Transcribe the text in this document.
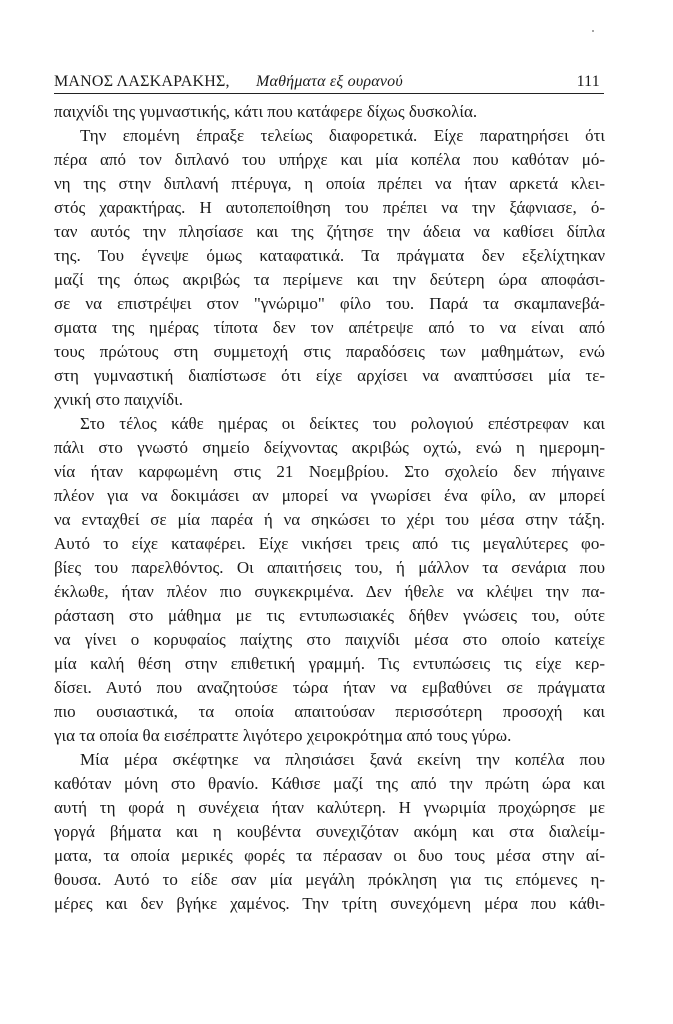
ΜΑΝΟΣ ΛΑΣΚΑΡΑΚΗΣ, Μαθήματα εξ ουρανού	111
παιχνίδι της γυμναστικής, κάτι που κατάφερε δίχως δυσκολία.
Την επομένη έπραξε τελείως διαφορετικά. Είχε παρατηρήσει ότι
πέρα από τον διπλανό του υπήρχε και μία κοπέλα που καθόταν μό-
νη της στην διπλανή πτέρυγα, η οποία πρέπει να ήταν αρκετά κλει-
στός χαρακτήρας. Η αυτοπεποίθηση του πρέπει να την ξάφνιασε, ό-
ταν αυτός την πλησίασε και της ζήτησε την άδεια να καθίσει δίπλα
της. Του έγνεψε όμως καταφατικά. Τα πράγματα δεν εξελίχτηκαν
μαζί της όπως ακριβώς τα περίμενε και την δεύτερη ώρα αποφάσι-
σε να επιστρέψει στον "γνώριμο" φίλο του. Παρά τα σκαμπανεβά-
σματα της ημέρας τίποτα δεν τον απέτρεψε από το να είναι από
τους πρώτους στη συμμετοχή στις παραδόσεις των μαθημάτων, ενώ
στη γυμναστική διαπίστωσε ότι είχε αρχίσει να αναπτύσσει μία τε-
χνική στο παιχνίδι.
Στο τέλος κάθε ημέρας οι δείκτες του ρολογιού επέστρεφαν και
πάλι στο γνωστό σημείο δείχνοντας ακριβώς οχτώ, ενώ η ημερομη-
νία ήταν καρφωμένη στις 21 Νοεμβρίου. Στο σχολείο δεν πήγαινε
πλέον για να δοκιμάσει αν μπορεί να γνωρίσει ένα φίλο, αν μπορεί
να ενταχθεί σε μία παρέα ή να σηκώσει το χέρι του μέσα στην τάξη.
Αυτό το είχε καταφέρει. Είχε νικήσει τρεις από τις μεγαλύτερες φο-
βίες του παρελθόντος. Οι απαιτήσεις του, ή μάλλον τα σενάρια που
έκλωθε, ήταν πλέον πιο συγκεκριμένα. Δεν ήθελε να κλέψει την πα-
ράσταση στο μάθημα με τις εντυπωσιακές δήθεν γνώσεις του, ούτε
να γίνει ο κορυφαίος παίχτης στο παιχνίδι μέσα στο οποίο κατείχε
μία καλή θέση στην επιθετική γραμμή. Τις εντυπώσεις τις είχε κερ-
δίσει. Αυτό που αναζητούσε τώρα ήταν να εμβαθύνει σε πράγματα
πιο ουσιαστικά, τα οποία απαιτούσαν περισσότερη προσοχή και
για τα οποία θα εισέπραττε λιγότερο χειροκρότημα από τους γύρω.
Μία μέρα σκέφτηκε να πλησιάσει ξανά εκείνη την κοπέλα που
καθόταν μόνη στο θρανίο. Κάθισε μαζί της από την πρώτη ώρα και
αυτή τη φορά η συνέχεια ήταν καλύτερη. Η γνωριμία προχώρησε με
γοργά βήματα και η κουβέντα συνεχιζόταν ακόμη και στα διαλείμ-
ματα, τα οποία μερικές φορές τα πέρασαν οι δυο τους μέσα στην αί-
θουσα. Αυτό το είδε σαν μία μεγάλη πρόκληση για τις επόμενες η-
μέρες και δεν βγήκε χαμένος. Την τρίτη συνεχόμενη μέρα που κάθι-
